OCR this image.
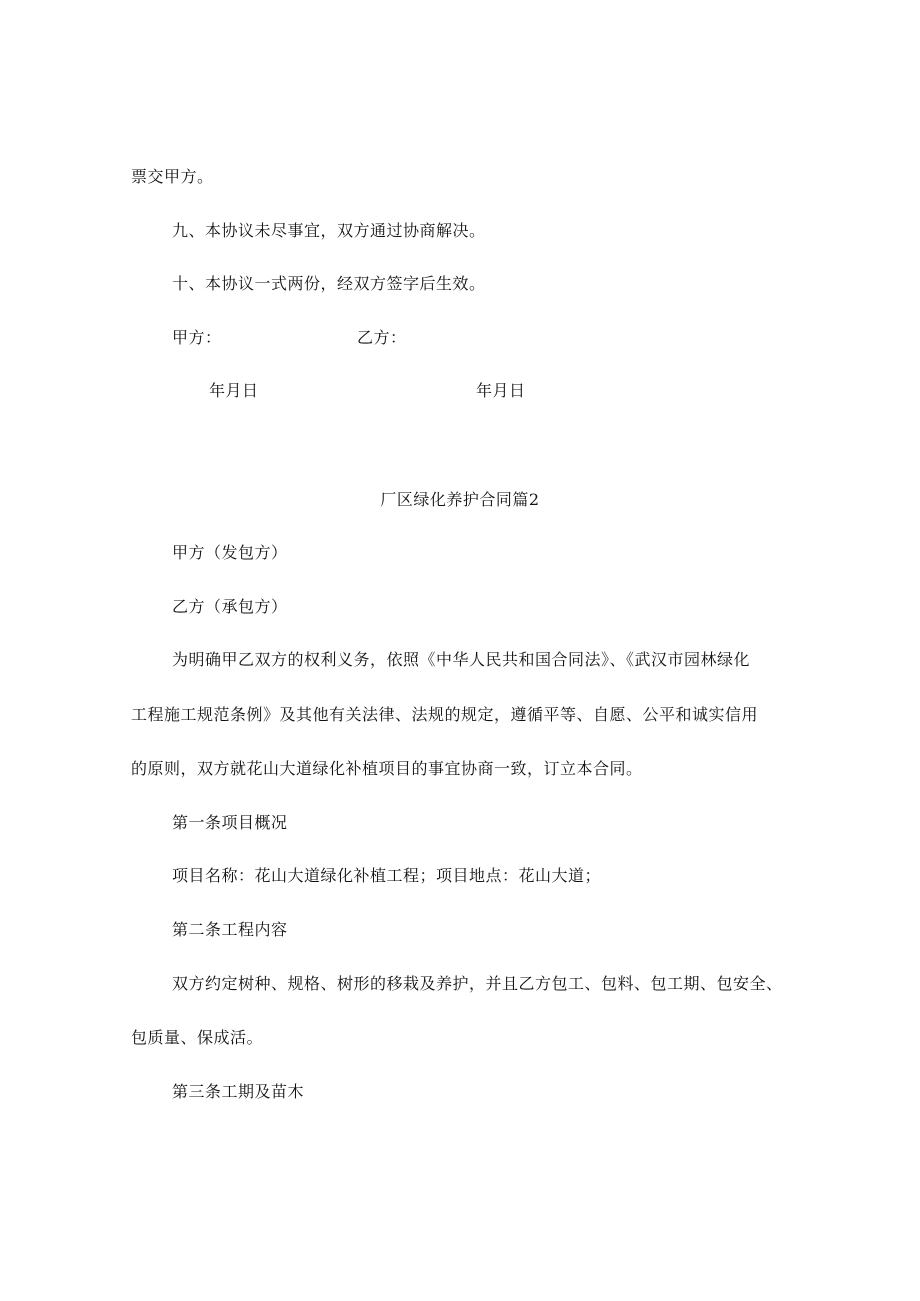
票交甲方。
九、本协议未尽事宜，双方通过协商解决。
十、本协议一式两份，经双方签字后生效。
甲方：	乙方：
年月日	年月日
厂区绿化养护合同篇2
甲方（发包方）
乙方（承包方）
为明确甲乙双方的权利义务，依照《中华人民共和国合同法》、《武汉市园林绿化
工程施工规范条例》及其他有关法律、法规的规定，遵循平等、自愿、公平和诚实信用
的原则，双方就花山大道绿化补植项目的事宜协商一致，订立本合同。
第一条项目概况
项目名称：花山大道绿化补植工程；项目地点：花山大道；
第二条工程内容
双方约定树种、规格、树形的移栽及养护，并且乙方包工、包料、包工期、包安全、
包质量、保成活。
第三条工期及苗木
